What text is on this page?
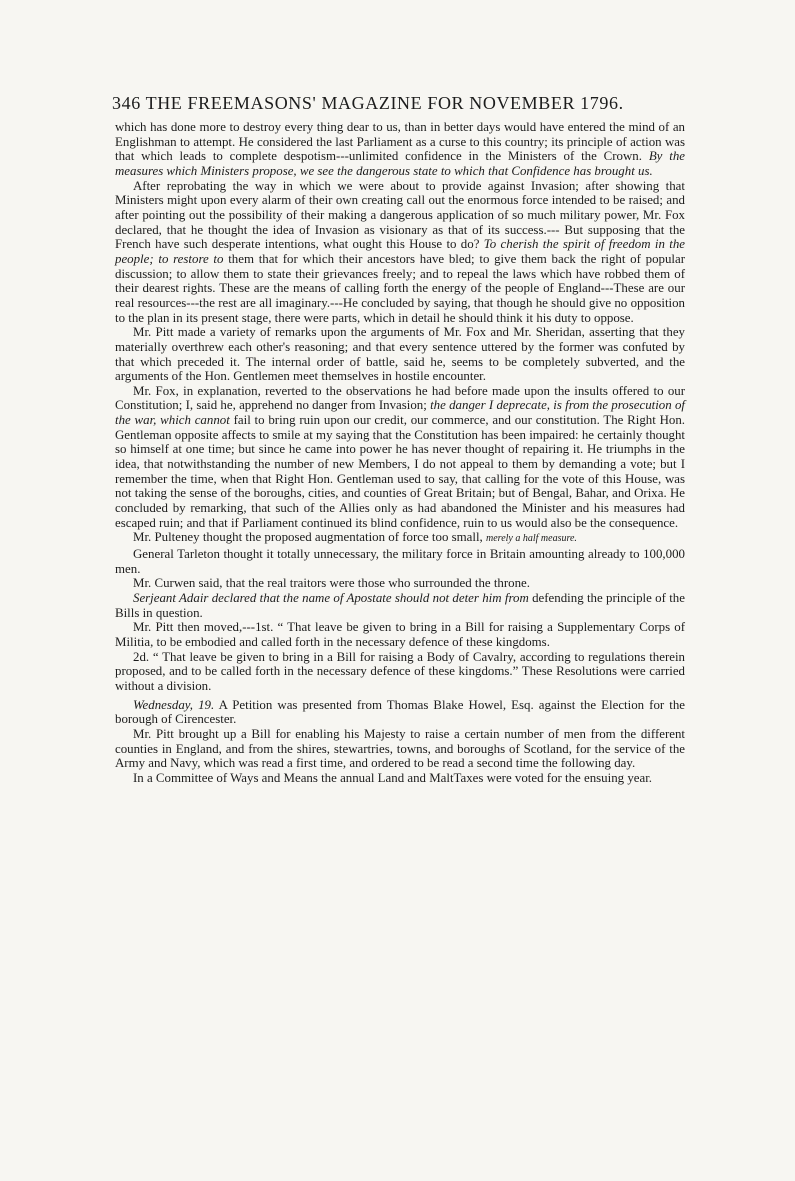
346 THE FREEMASONS' MAGAZINE FOR NOVEMBER 1796.

which has done more to destroy every thing dear to us, than in better days would have entered the mind of an Englishman to attempt. He considered the last Parliament as a curse to this country; its principle of action was that which leads to complete despotism---unlimited confidence in the Ministers of the Crown. By the measures which Ministers propose, we see the dangerous state to which that Confidence has brought us.

After reprobating the way in which we were about to provide against Invasion; after showing that Ministers might upon every alarm of their own creating call out the enormous force intended to be raised; and after pointing out the possibility of their making a dangerous application of so much military power, Mr. Fox declared, that he thought the idea of Invasion as visionary as that of its success.--- But supposing that the French have such desperate intentions, what ought this House to do? To cherish the spirit of freedom in the people; to restore to them that for which their ancestors have bled; to give them back the right of popular discussion; to allow them to state their grievances freely; and to repeal the laws which have robbed them of their dearest rights. These are the means of calling forth the energy of the people of England---These are our real resources---the rest are all imaginary.---He concluded by saying, that though he should give no opposition to the plan in its present stage, there were parts, which in detail he should think it his duty to oppose.

Mr. Pitt made a variety of remarks upon the arguments of Mr. Fox and Mr. Sheridan, asserting that they materially overthrew each other's reasoning; and that every sentence uttered by the former was confuted by that which preceded it. The internal order of battle, said he, seems to be completely subverted, and the arguments of the Hon. Gentlemen meet themselves in hostile encounter.

Mr. Fox, in explanation, reverted to the observations he had before made upon the insults offered to our Constitution; I, said he, apprehend no danger from Invasion; the danger I deprecate, is from the prosecution of the war, which cannot fail to bring ruin upon our credit, our commerce, and our constitution. The Right Hon. Gentleman opposite affects to smile at my saying that the Constitution has been impaired: he certainly thought so himself at one time; but since he came into power he has never thought of repairing it. He triumphs in the idea, that notwithstanding the number of new Members, I do not appeal to them by demanding a vote; but I remember the time, when that Right Hon. Gentleman used to say, that calling for the vote of this House, was not taking the sense of the boroughs, cities, and counties of Great Britain; but of Bengal, Bahar, and Orixa. He concluded by remarking, that such of the Allies only as had abandoned the Minister and his measures had escaped ruin; and that if Parliament continued its blind confidence, ruin to us would also be the consequence.

Mr. Pulteney thought the proposed augmentation of force too small, merely a half measure.

General Tarleton thought it totally unnecessary, the military force in Britain amounting already to 100,000 men.

Mr. Curwen said, that the real traitors were those who surrounded the throne.

Serjeant Adair declared that the name of Apostate should not deter him from defending the principle of the Bills in question.

Mr. Pitt then moved,---1st. “ That leave be given to bring in a Bill for raising a Supplementary Corps of Militia, to be embodied and called forth in the necessary defence of these kingdoms.

2d. “ That leave be given to bring in a Bill for raising a Body of Cavalry, according to regulations therein proposed, and to be called forth in the necessary defence of these kingdoms.” These Resolutions were carried without a division.

Wednesday, 19. A Petition was presented from Thomas Blake Howel, Esq. against the Election for the borough of Cirencester.

Mr. Pitt brought up a Bill for enabling his Majesty to raise a certain number of men from the different counties in England, and from the shires, stewartries, towns, and boroughs of Scotland, for the service of the Army and Navy, which was read a first time, and ordered to be read a second time the following day.

In a Committee of Ways and Means the annual Land and MaltTaxes were voted for the ensuing year.
